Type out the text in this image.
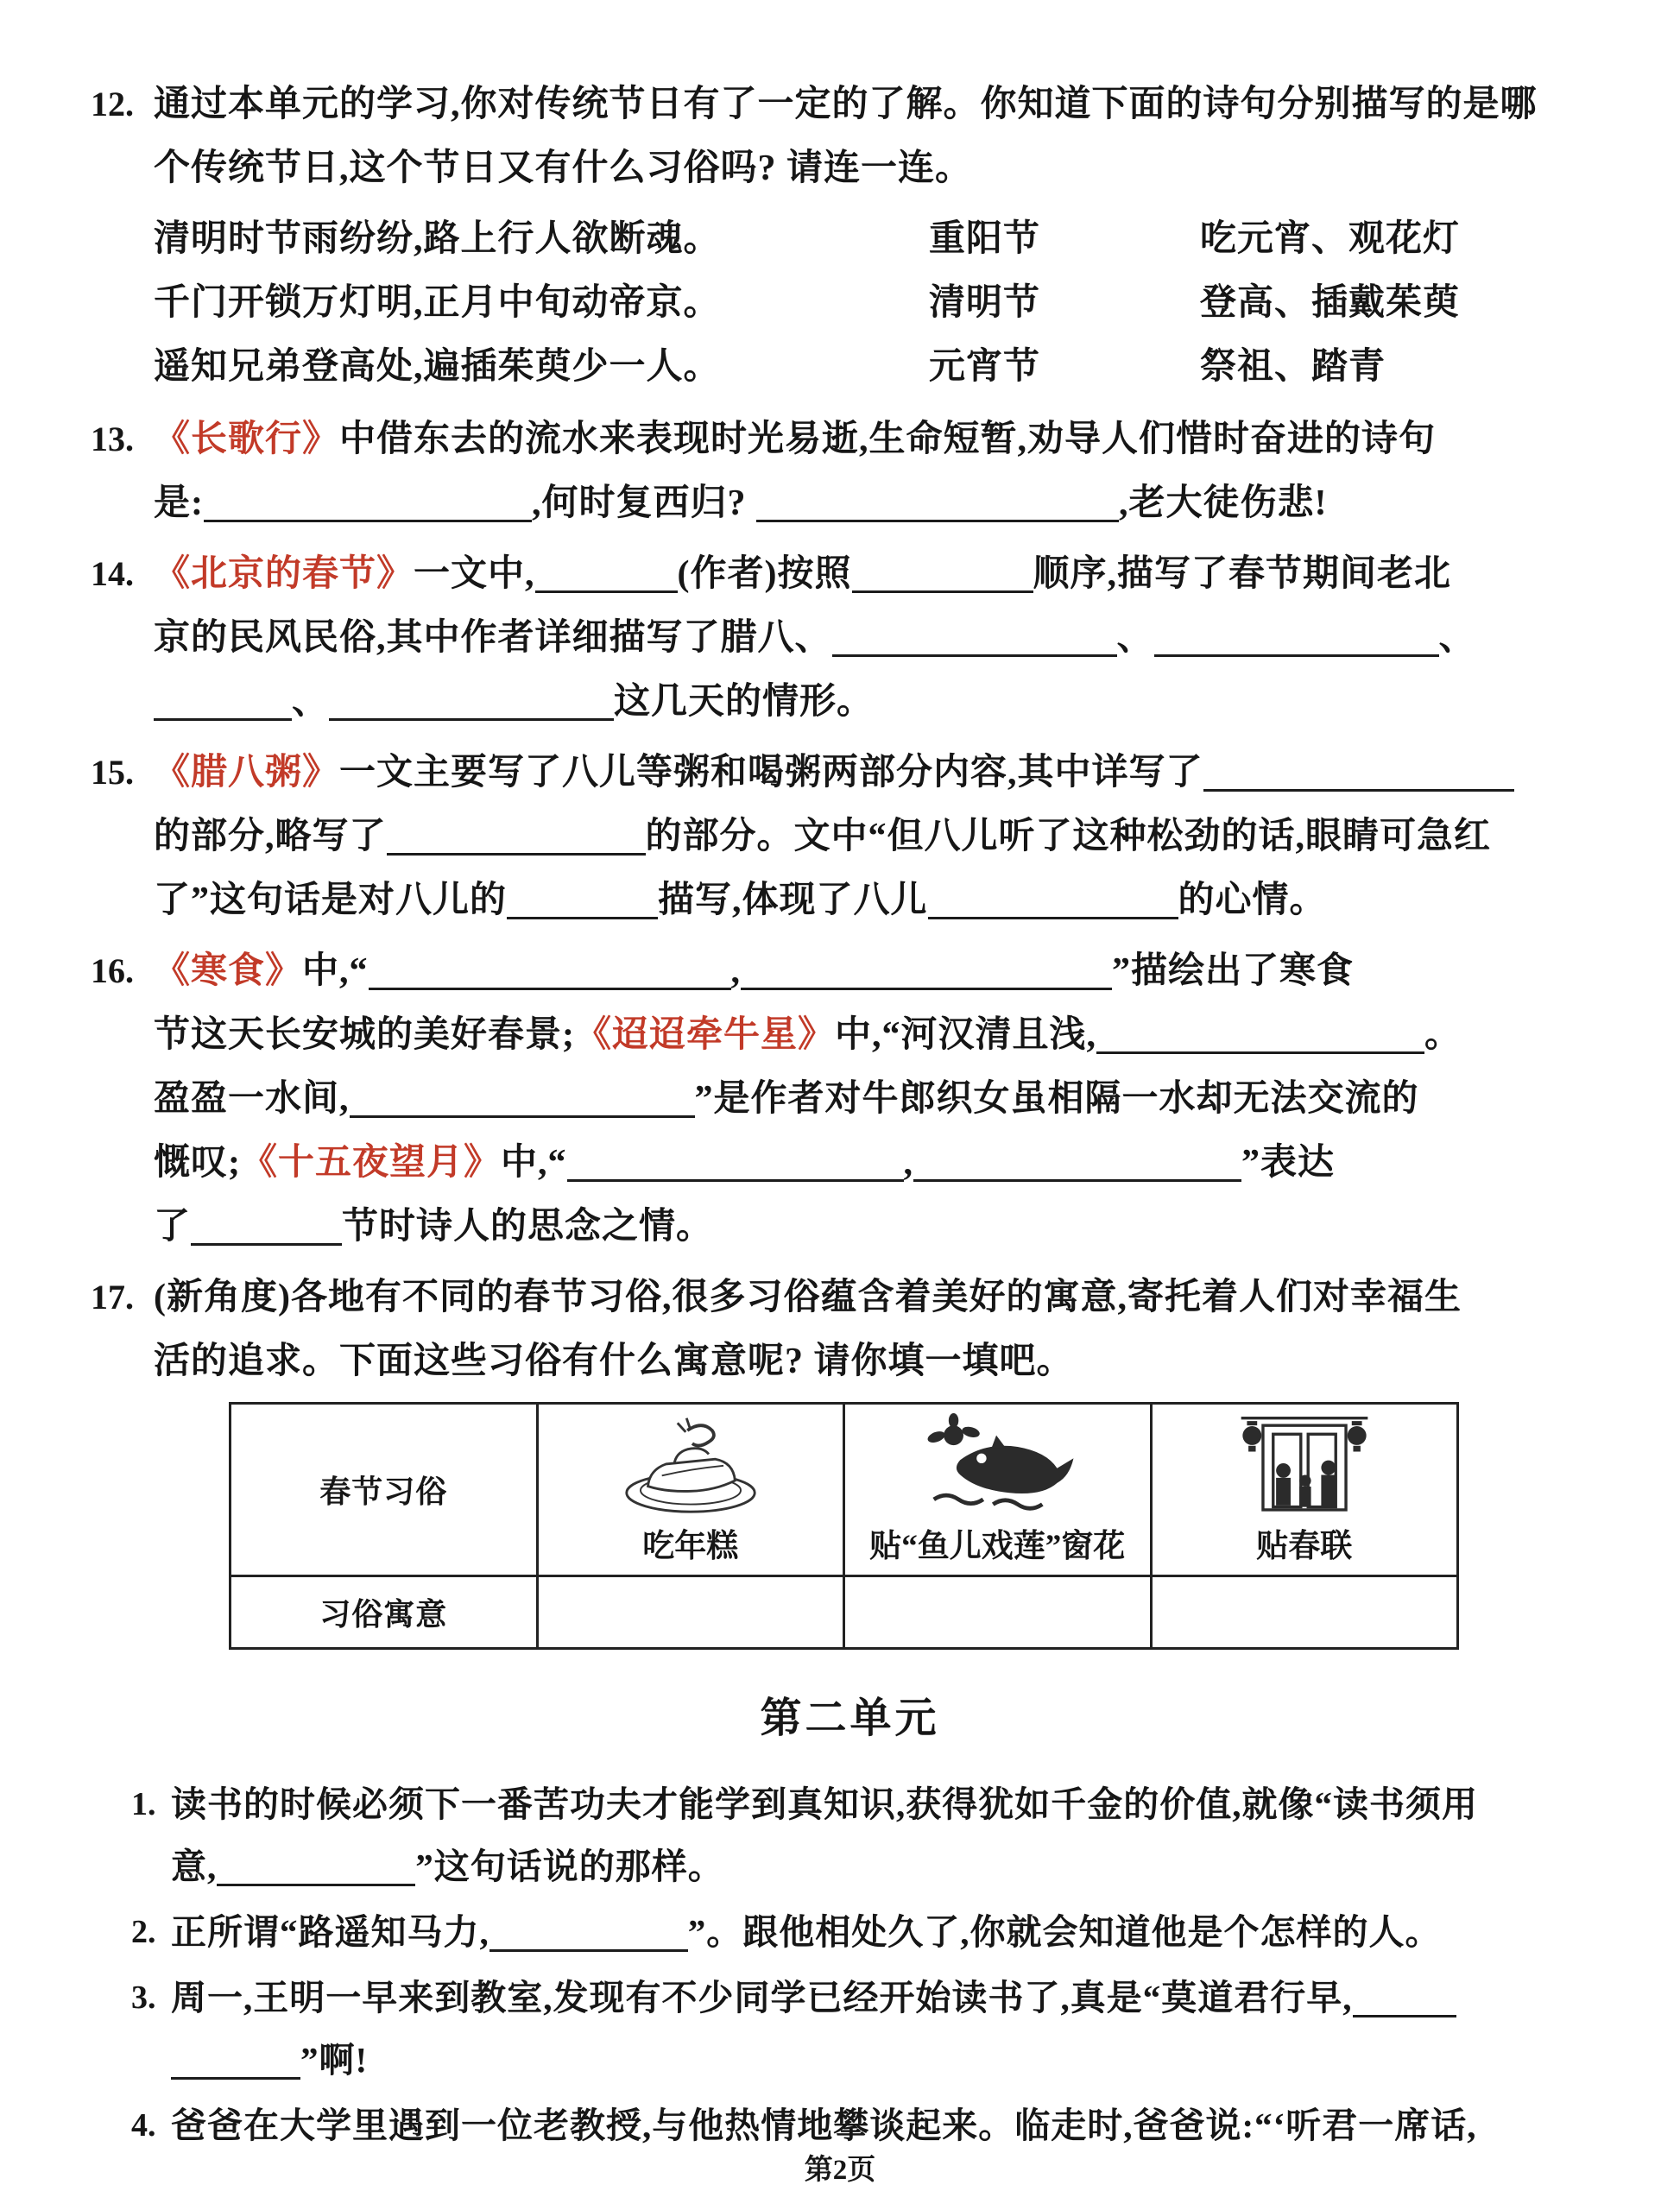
12. 通过本单元的学习,你对传统节日有了一定的了解。你知道下面的诗句分别描写的是哪
个传统节日,这个节日又有什么习俗吗? 请连一连。
清明时节雨纷纷,路上行人欲断魂。	重阳节	吃元宵、观花灯
千门开锁万灯明,正月中旬动帝京。	清明节	登高、插戴茱萸
遥知兄弟登高处,遍插茱萸少一人。	元宵节	祭祖、踏青
13. 《长歌行》中借东去的流水来表现时光易逝,生命短暂,劝导人们惜时奋进的诗句
是:	,何时复西归?	,老大徒伤悲!
14. 《北京的春节》一文中,	(作者)按照	顺序,描写了春节期间老北
京的民风民俗,其中作者详细描写了腊八、	、	、
、	这几天的情形。
15. 《腊八粥》一文主要写了八儿等粥和喝粥两部分内容,其中详写了
的部分,略写了	的部分。文中“但八儿听了这种松劲的话,眼睛可急红
了”这句话是对八儿的	描写,体现了八儿	的心情。
16. 《寒食》中,“	,	”描绘出了寒食
节这天长安城的美好春景;《迢迢牵牛星》中,“河汉清且浅,	。
盈盈一水间,	”是作者对牛郎织女虽相隔一水却无法交流的
慨叹;《十五夜望月》中,“	,	”表达
了	节时诗人的思念之情。
17. (新角度)各地有不同的春节习俗,很多习俗蕴含着美好的寓意,寄托着人们对幸福生
活的追求。下面这些习俗有什么寓意呢? 请你填一填吧。
春节习俗	吃年糕	贴“鱼儿戏莲”窗花	贴春联

习俗寓意			
第二单元
1. 读书的时候必须下一番苦功夫才能学到真知识,获得犹如千金的价值,就像“读书须用
意,	”这句话说的那样。
2. 正所谓“路遥知马力,	”。跟他相处久了,你就会知道他是个怎样的人。
3. 周一,王明一早来到教室,发现有不少同学已经开始读书了,真是“莫道君行早,
”啊!
4. 爸爸在大学里遇到一位老教授,与他热情地攀谈起来。临走时,爸爸说:“‘听君一席话,
第2页
